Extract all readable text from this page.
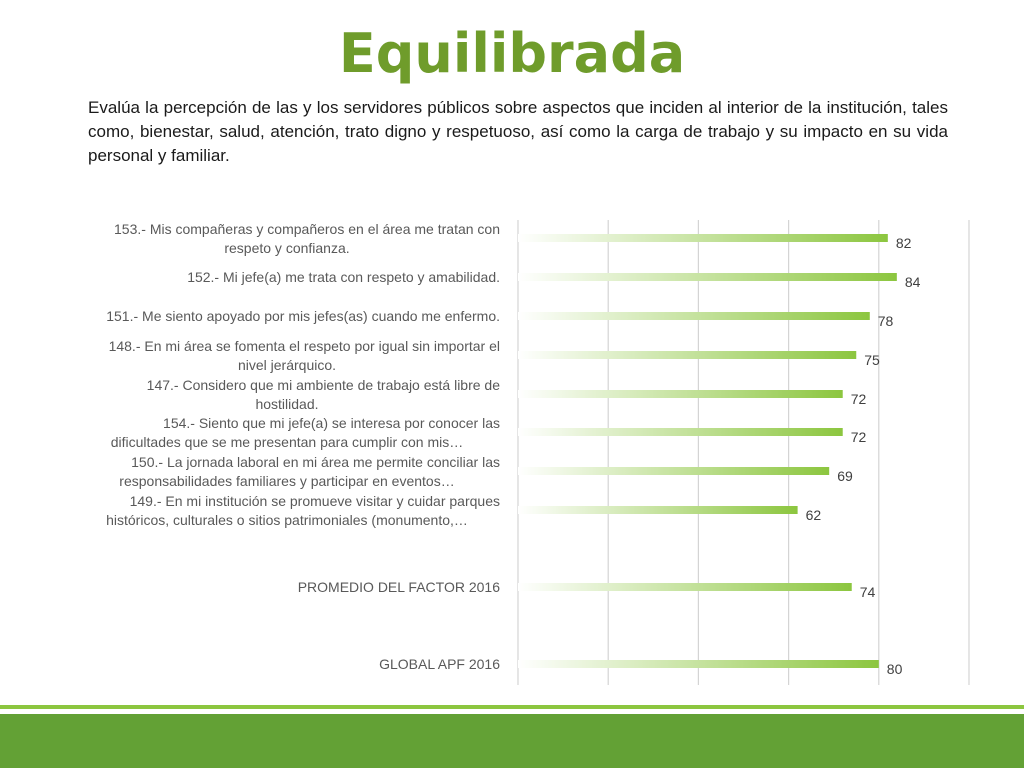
Equilibrada

Evalúa la percepción de las y los servidores públicos sobre aspectos que inciden al interior de la institución, tales como, bienestar, salud, atención, trato digno y respetuoso, así como la carga de trabajo y su impacto en su vida personal y familiar.

153.- Mis compañeras y compañeros en el área me tratan con respeto y confianza.
152.- Mi jefe(a) me trata con respeto y amabilidad.
151.- Me siento apoyado por mis jefes(as) cuando me enfermo.
148.- En mi área se fomenta el respeto por igual sin importar el nivel jerárquico.
147.- Considero que mi ambiente de trabajo está libre de hostilidad.
154.- Siento que mi jefe(a) se interesa por conocer las dificultades que se me presentan para cumplir con mis…
150.- La jornada laboral en mi área me permite conciliar las responsabilidades familiares y participar en eventos…
149.- En mi institución se promueve visitar y cuidar parques históricos, culturales o sitios patrimoniales (monumento,…
PROMEDIO DEL FACTOR 2016
GLOBAL APF 2016
82
84
78
75
72
72
69
62
74
80
